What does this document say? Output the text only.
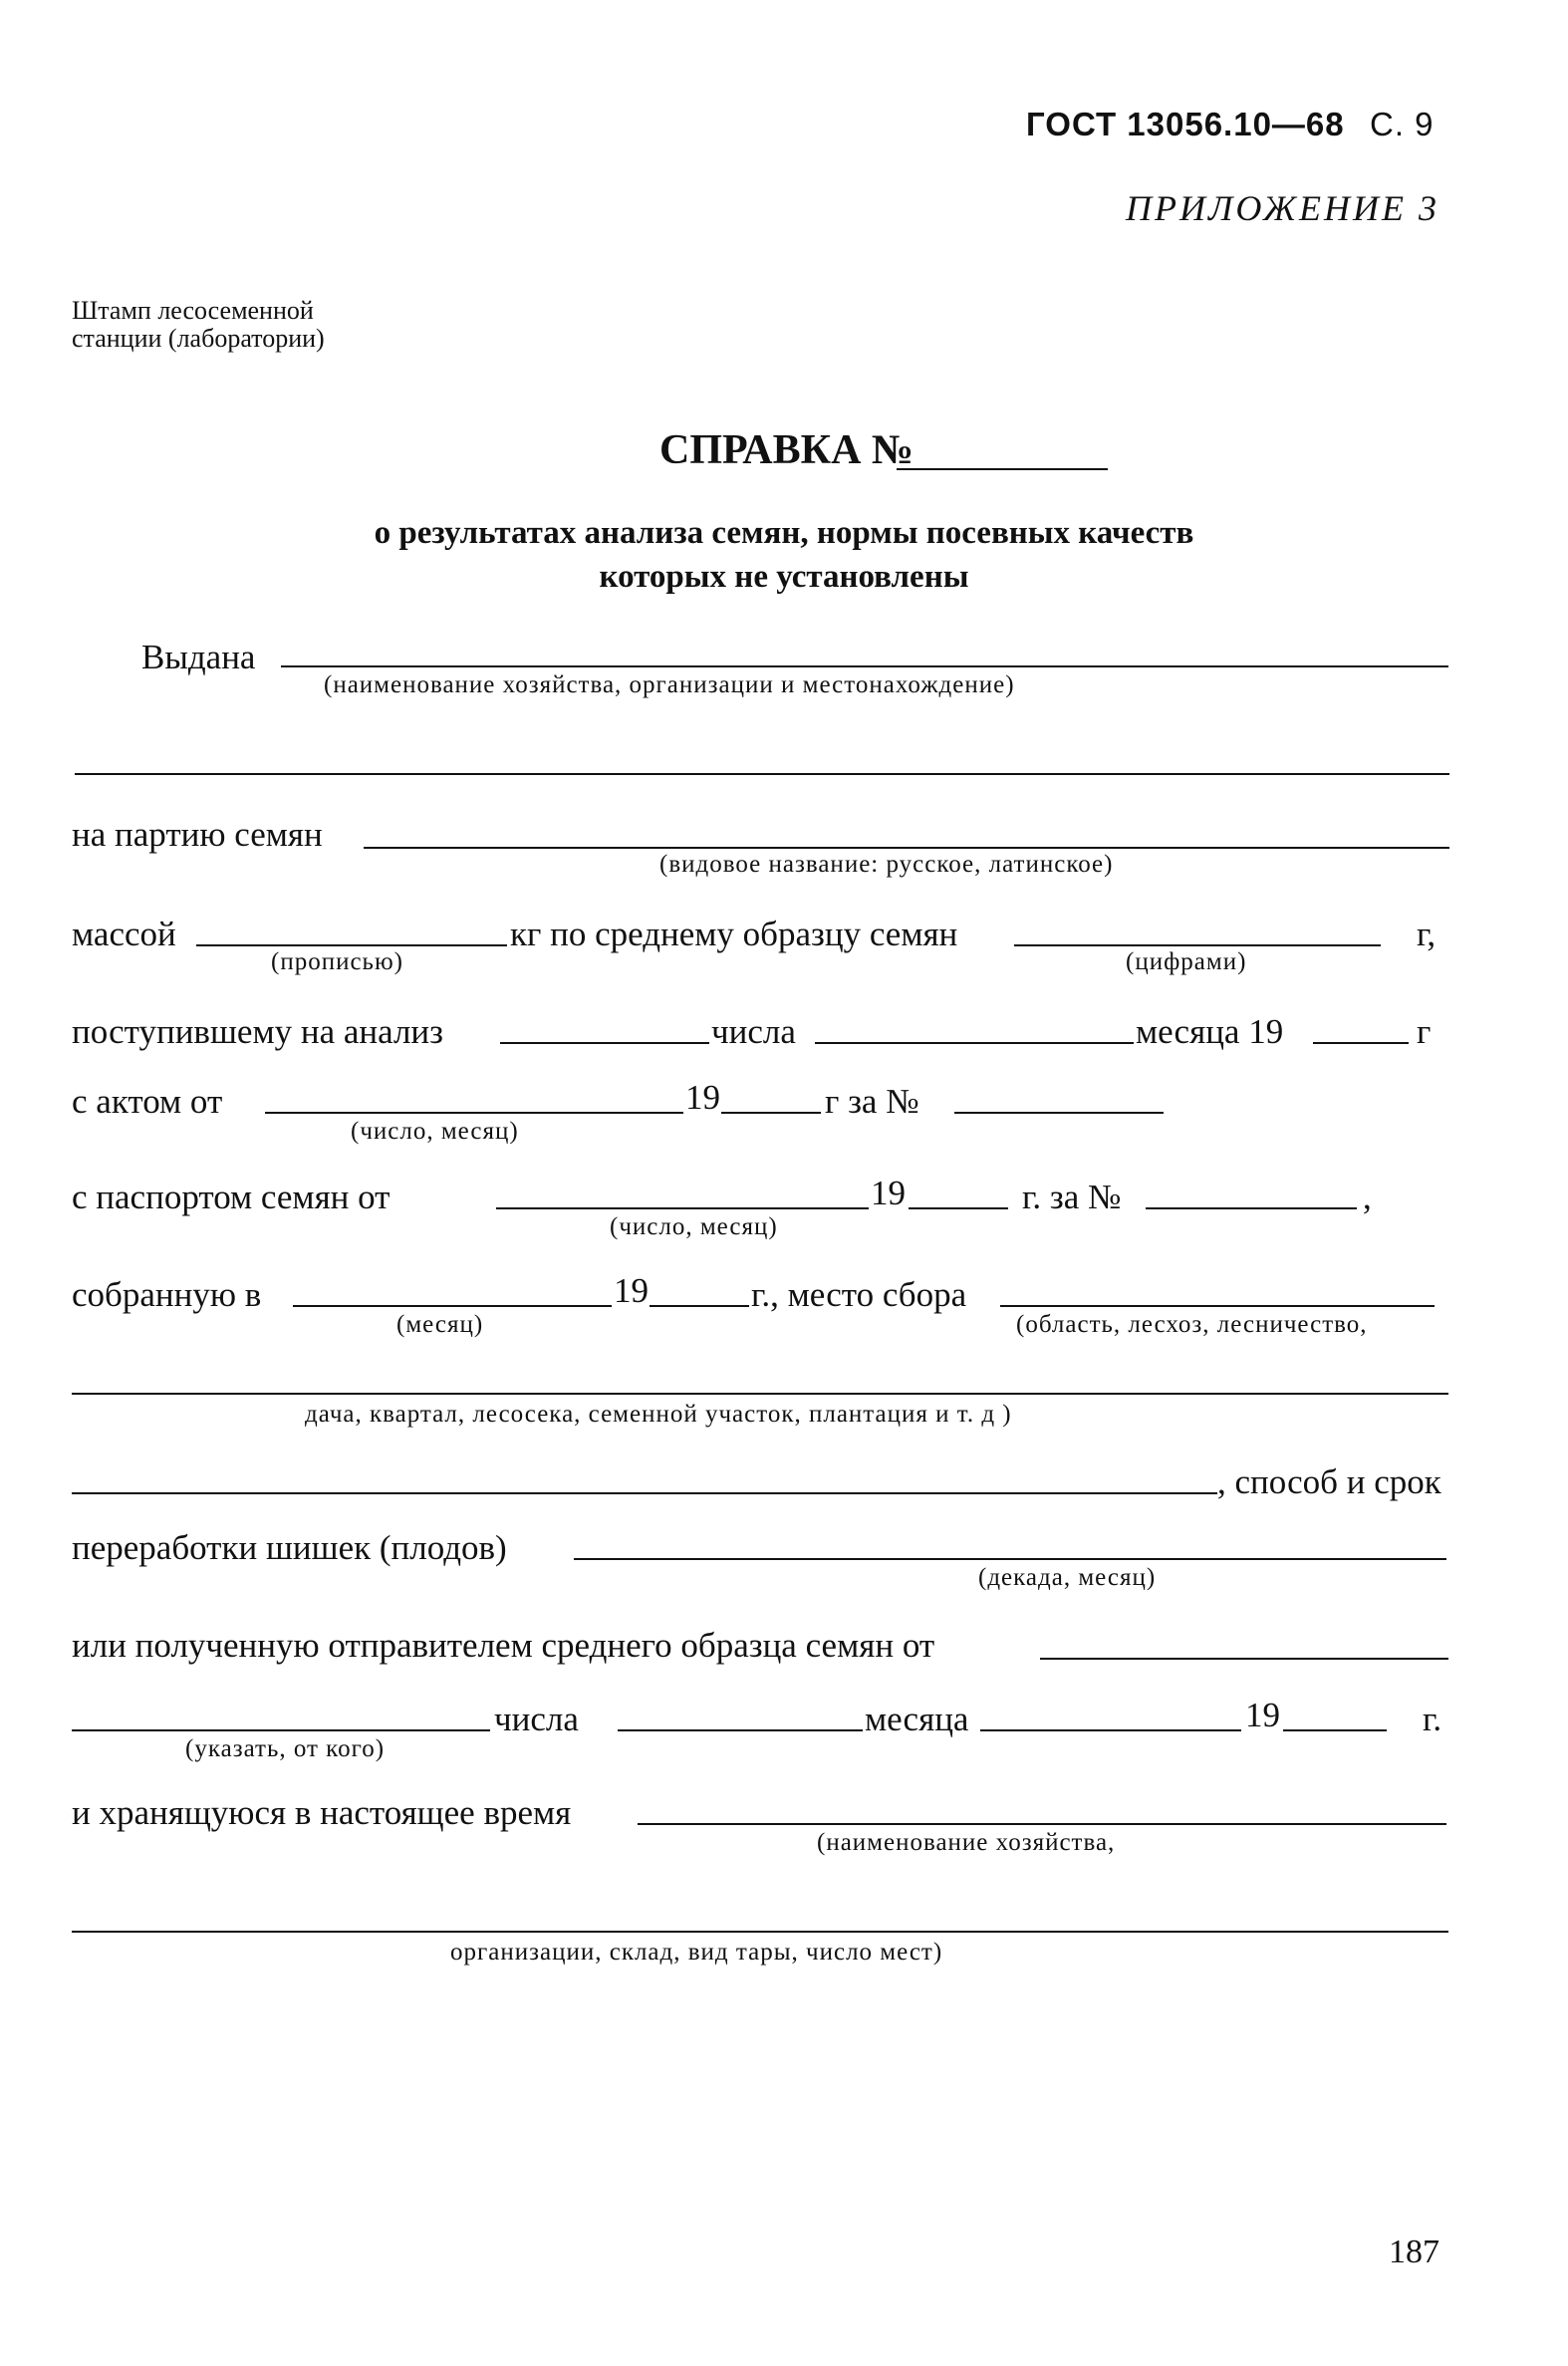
ГОСТ 13056.10—68 С. 9
ПРИЛОЖЕНИЕ 3
Штамп лесосеменной
станции (лаборатории)
СПРАВКА №
о результатах анализа семян, нормы посевных качеств
которых не установлены
Выдана
(наименование хозяйства, организации и местонахождение)
на партию семян
(видовое название: русское, латинское)
массой
(прописью)
кг по среднему образцу семян	г,
(цифрами)
поступившему на анализ	числа	месяца 19	г
с актом от
(число, месяц)
19	г за №
с паспортом семян от
(число, месяц)
19	г. за №	,
собранную в
(месяц)
19	г., место сбора
(область, лесхоз, лесничество,
дача, квартал, лесосека, семенной участок, плантация и т. д )
, способ и срок
переработки шишек (плодов)
(декада, месяц)
или полученную отправителем среднего образца семян от
(указать, от кого)
числа	месяца	19	г.
и хранящуюся в настоящее время
(наименование хозяйства,
организации, склад, вид тары, число мест)
187
